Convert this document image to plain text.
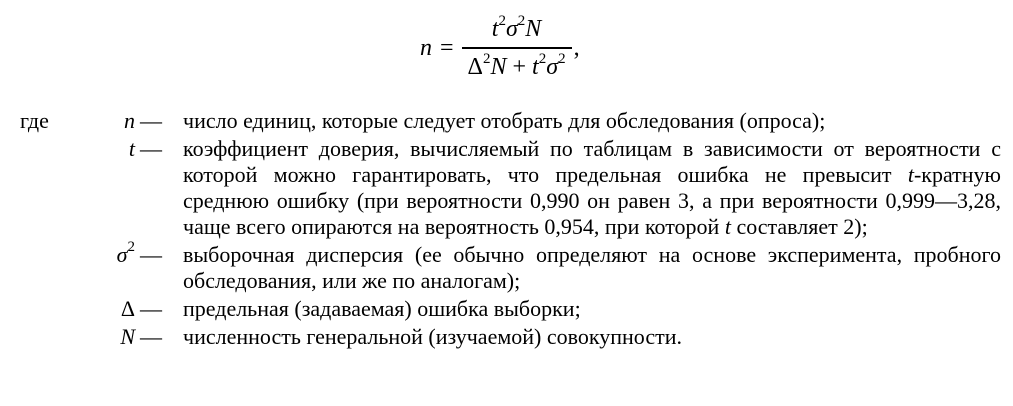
$n = \frac{t^2\sigma^2N}{\Delta^2N + t^2\sigma^2}$ ,
где	n — число единиц, которые следует отобрать для обследования (опроса);
t — коэффициент доверия, вычисляемый по таблицам в зависимости от вероятности с которой можно гарантировать, что предельная ошибка не превысит t-кратную среднюю ошибку (при вероятности 0,990 он равен 3, а при вероятности 0,999—3,28, чаще всего опираются на вероятность 0,954, при которой t составляет 2);
$\sigma^2$ — выборочная дисперсия (ее обычно определяют на основе эксперимента, пробного обследования, или же по аналогам);
Δ — предельная (задаваемая) ошибка выборки;
N — численность генеральной (изучаемой) совокупности.
